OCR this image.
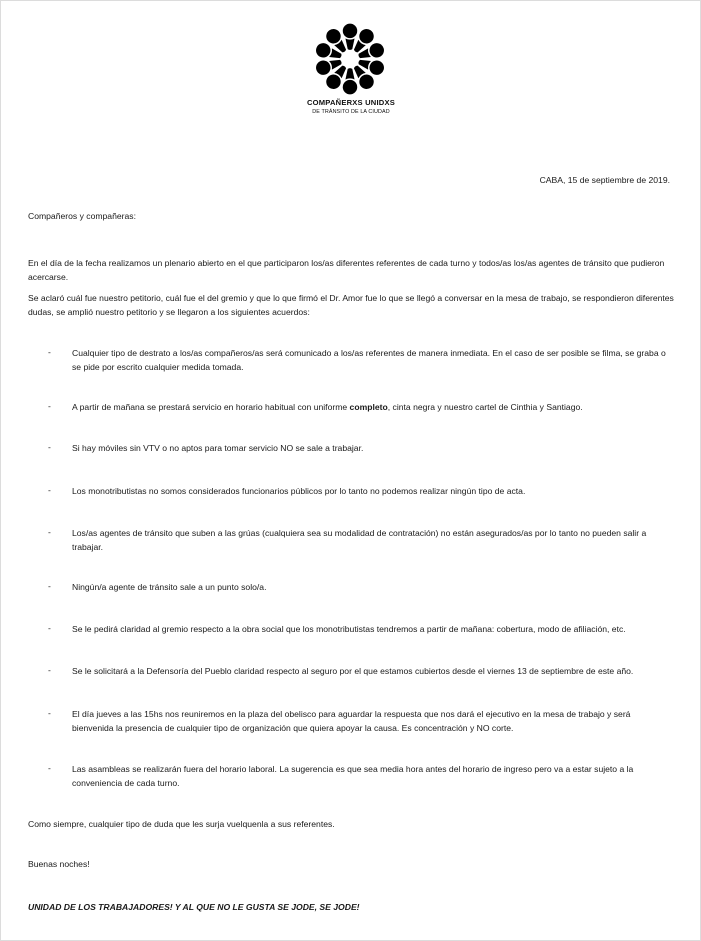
COMPAÑERXS UNIDXS
DE TRÁNSITO DE LA CIUDAD
CABA, 15 de septiembre de 2019.
Compañeros y compañeras:
En el día de la fecha realizamos un plenario abierto en el que participaron los/as diferentes referentes de cada turno y todos/as los/as agentes de tránsito que pudieron acercarse.
Se aclaró cuál fue nuestro petitorio, cuál fue el del gremio y que lo que firmó el Dr. Amor fue lo que se llegó a conversar en la mesa de trabajo, se respondieron diferentes dudas, se amplió nuestro petitorio y se llegaron a los siguientes acuerdos:
- Cualquier tipo de destrato a los/as compañeros/as será comunicado a los/as referentes de manera inmediata. En el caso de ser posible se filma, se graba o se pide por escrito cualquier medida tomada.
- A partir de mañana se prestará servicio en horario habitual con uniforme completo, cinta negra y nuestro cartel de Cinthia y Santiago.
- Si hay móviles sin VTV o no aptos para tomar servicio NO se sale a trabajar.
- Los monotributistas no somos considerados funcionarios públicos por lo tanto no podemos realizar ningún tipo de acta.
- Los/as agentes de tránsito que suben a las grúas (cualquiera sea su modalidad de contratación) no están asegurados/as por lo tanto no pueden salir a trabajar.
- Ningún/a agente de tránsito sale a un punto solo/a.
- Se le pedirá claridad al gremio respecto a la obra social que los monotributistas tendremos a partir de mañana: cobertura, modo de afiliación, etc.
- Se le solicitará a la Defensoría del Pueblo claridad respecto al seguro por el que estamos cubiertos desde el viernes 13 de septiembre de este año.
- El día jueves a las 15hs nos reuniremos en la plaza del obelisco para aguardar la respuesta que nos dará el ejecutivo en la mesa de trabajo y será bienvenida la presencia de cualquier tipo de organización que quiera apoyar la causa. Es concentración y NO corte.
- Las asambleas se realizarán fuera del horario laboral. La sugerencia es que sea media hora antes del horario de ingreso pero va a estar sujeto a la conveniencia de cada turno.
Como siempre, cualquier tipo de duda que les surja vuelquenla a sus referentes.
Buenas noches!
UNIDAD DE LOS TRABAJADORES! Y AL QUE NO LE GUSTA SE JODE, SE JODE!
